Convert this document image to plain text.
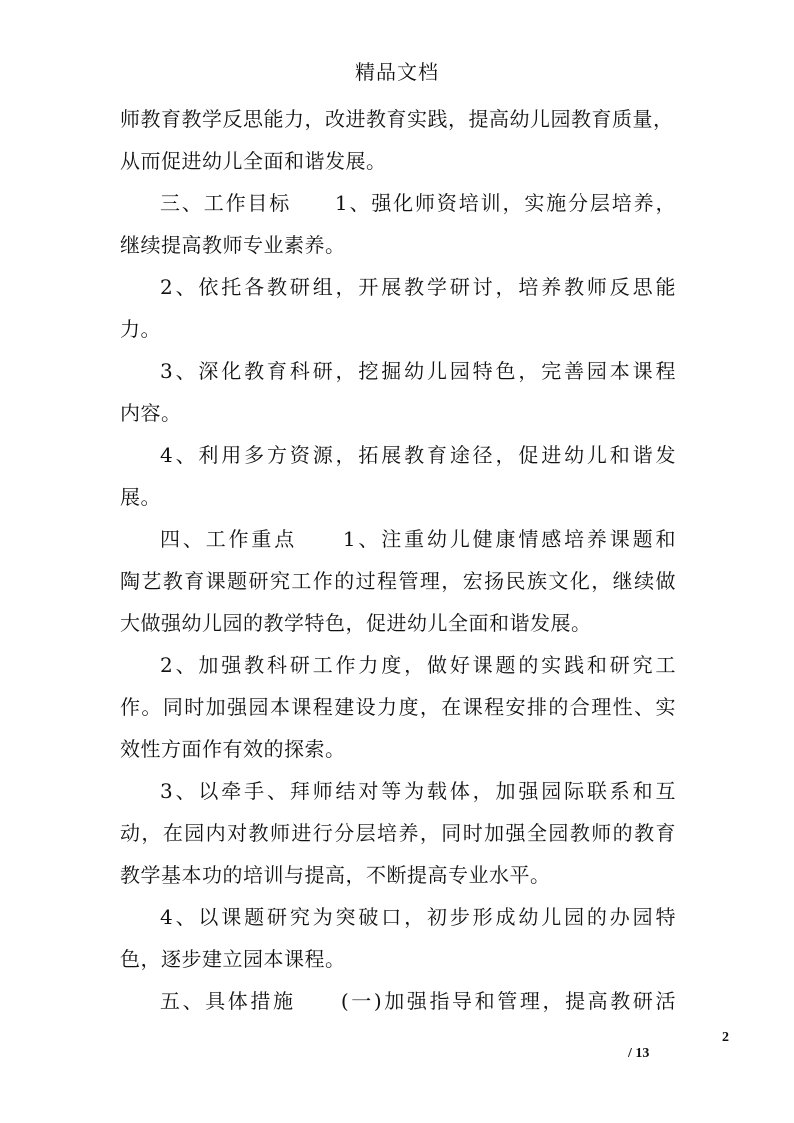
精品文档
师教育教学反思能力，改进教育实践，提高幼儿园教育质量，
从而促进幼儿全面和谐发展。
三、工作目标　　1、强化师资培训，实施分层培养，
继续提高教师专业素养。
2、依托各教研组，开展教学研讨，培养教师反思能
力。
3、深化教育科研，挖掘幼儿园特色，完善园本课程
内容。
4、利用多方资源，拓展教育途径，促进幼儿和谐发
展。
四、工作重点　　1、注重幼儿健康情感培养课题和
陶艺教育课题研究工作的过程管理，宏扬民族文化，继续做
大做强幼儿园的教学特色，促进幼儿全面和谐发展。
2、加强教科研工作力度，做好课题的实践和研究工
作。同时加强园本课程建设力度，在课程安排的合理性、实
效性方面作有效的探索。
3、以牵手、拜师结对等为载体，加强园际联系和互
动，在园内对教师进行分层培养，同时加强全园教师的教育
教学基本功的培训与提高，不断提高专业水平。
4、以课题研究为突破口，初步形成幼儿园的办园特
色，逐步建立园本课程。
五、具体措施　　(一)加强指导和管理，提高教研活
2
/ 13
